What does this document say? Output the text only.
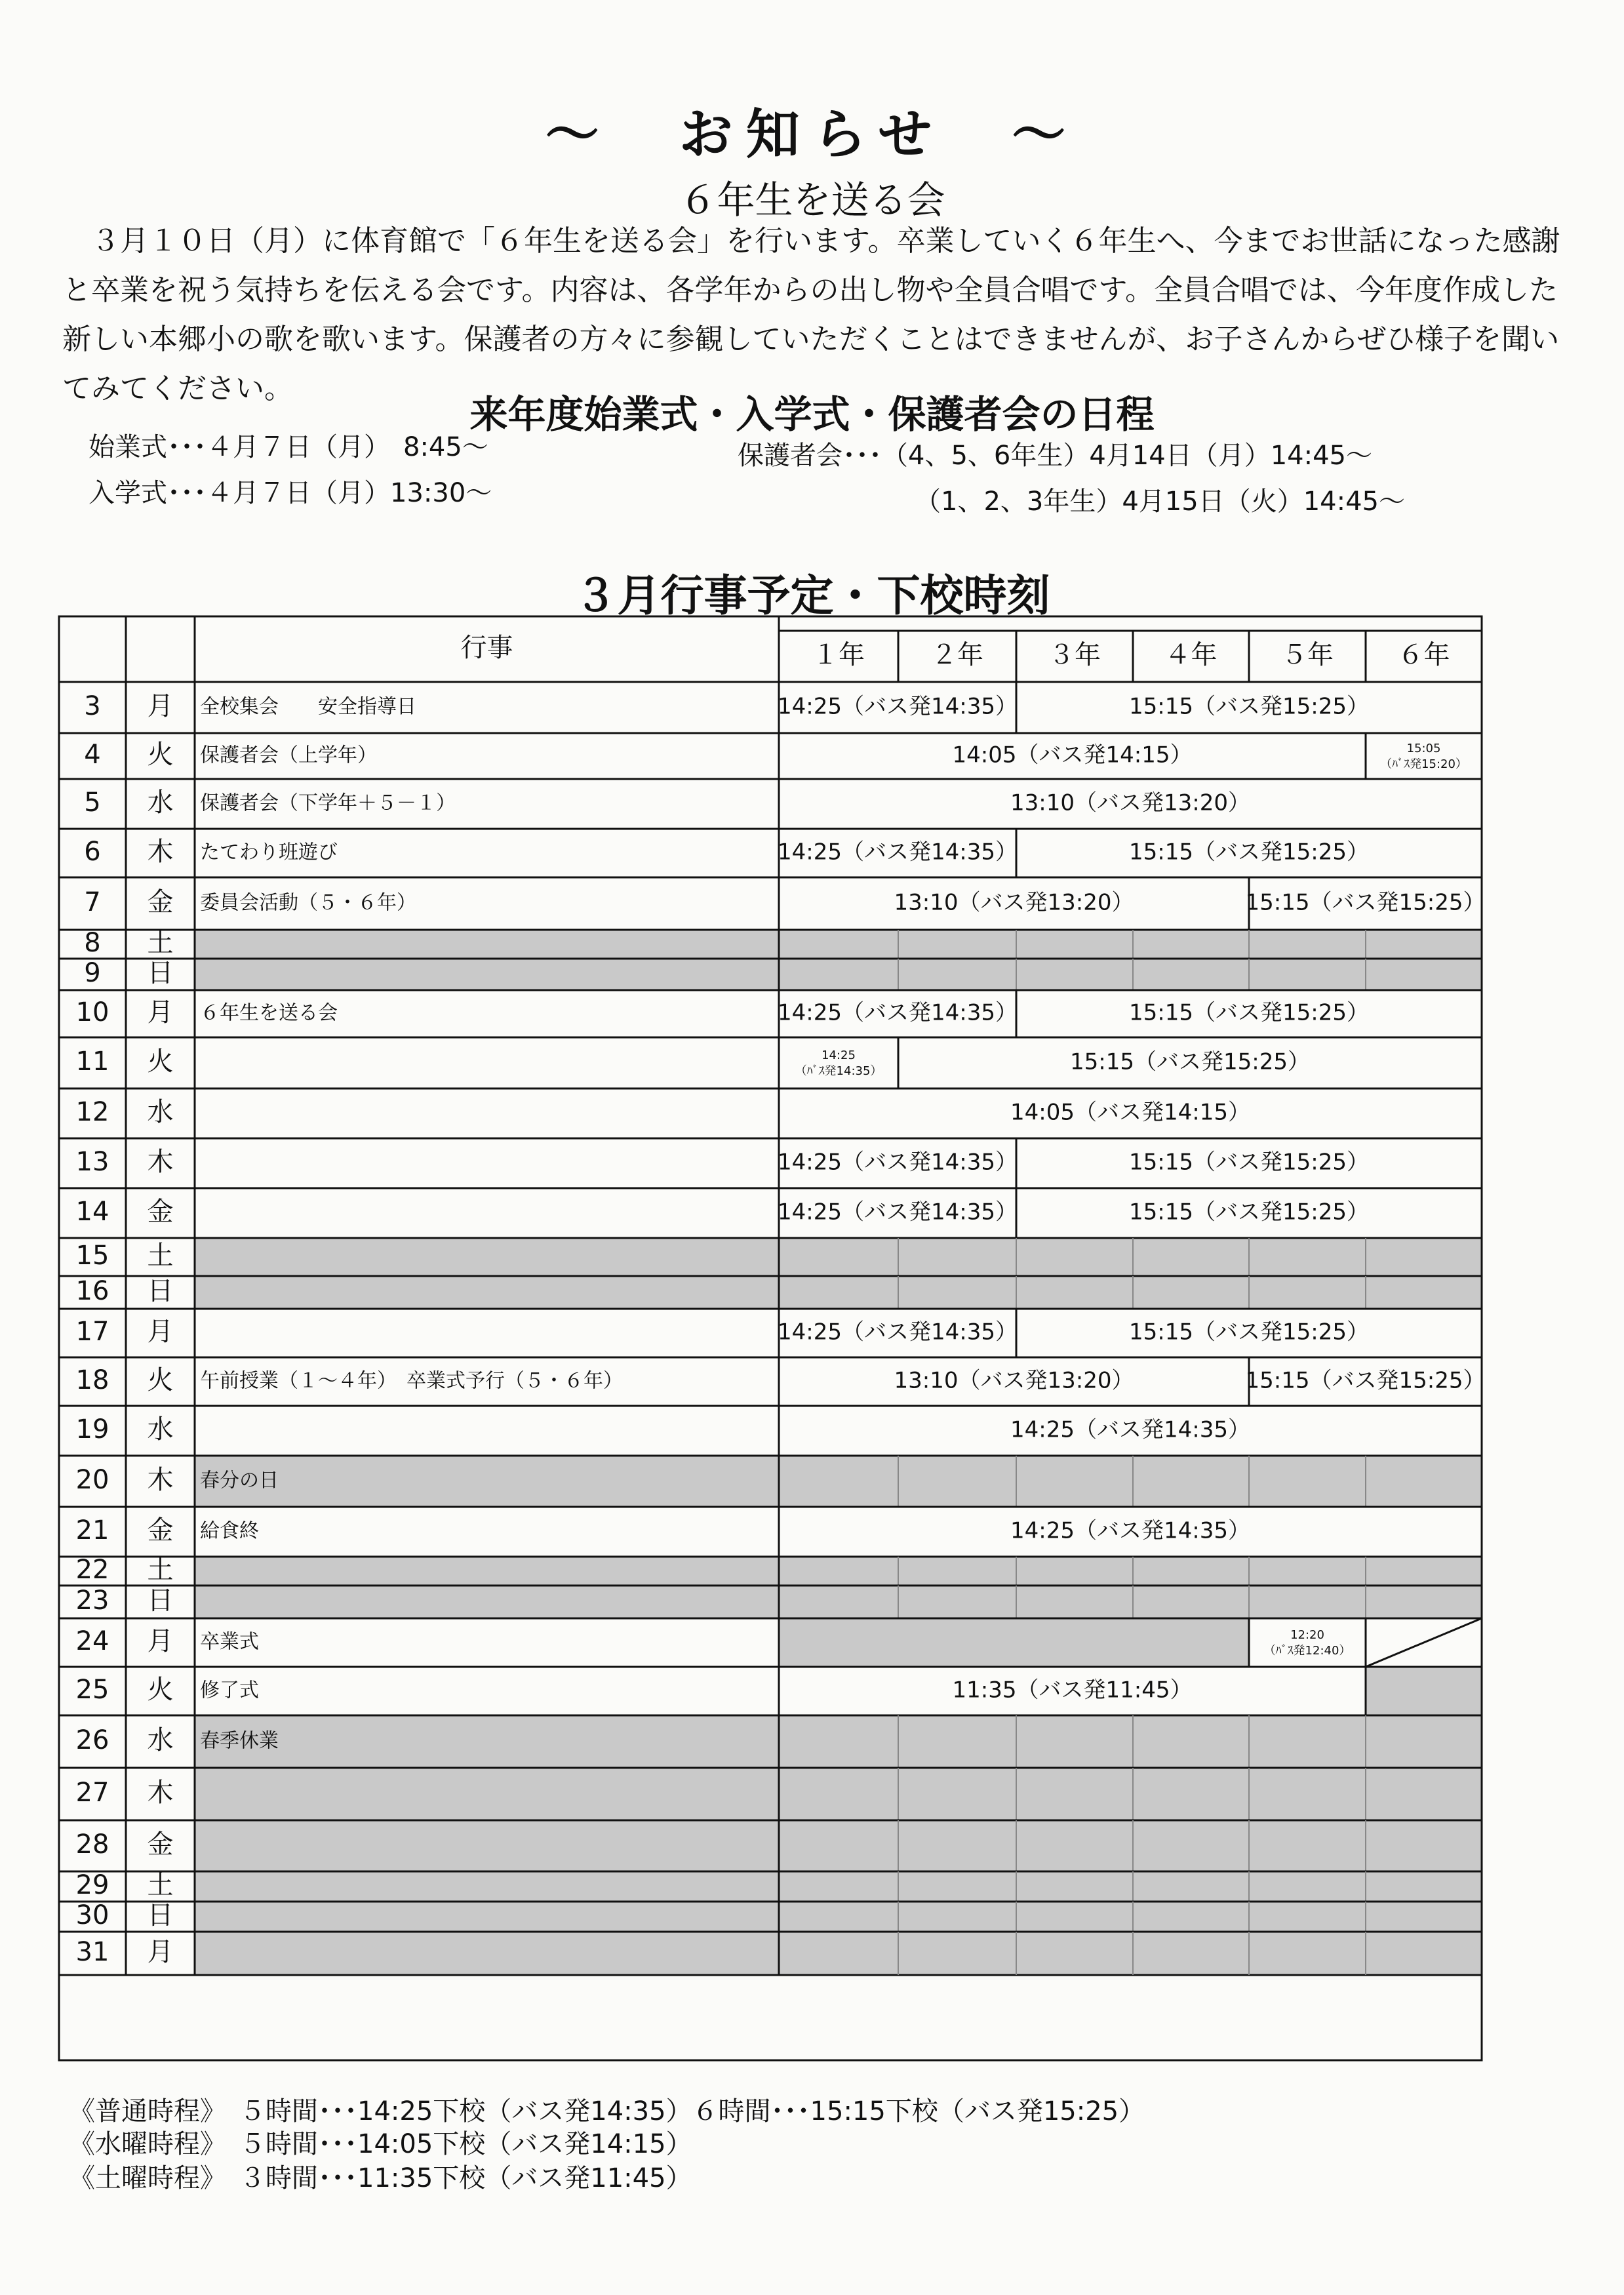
～　お知らせ　～
６年生を送る会
３月１０日（月）に体育館で「６年生を送る会」を行います。卒業していく６年生へ、今までお世話になった感謝と卒業を祝う気持ちを伝える会です。内容は、各学年からの出し物や全員合唱です。全員合唱では、今年度作成した新しい本郷小の歌を歌います。保護者の方々に参観していただくことはできませんが、お子さんからぜひ様子を聞いてみてください。
来年度始業式・入学式・保護者会の日程
始業式･･･４月７日（月）　8:45～
入学式･･･４月７日（月）13:30～
保護者会･･･（4、5、6年生）4月14日（月）14:45～
（1、2、3年生）4月15日（火）14:45～
３月行事予定・下校時刻
行事	１年	２年 ３年 ４年 ５年 ６年
3 月 全校集会　　安全指導日	14:25（バス発14:35）	15:15（バス発15:25）
4 火 保護者会（上学年）	14:05（バス発14:15）	15:05
（ﾊﾞｽ発15:20）
5 水 保護者会（下学年＋５－１）	13:10（バス発13:20）
6 木 たてわり班遊び	14:25（バス発14:35）	15:15（バス発15:25）
7 金 委員会活動（５・６年）	13:10（バス発13:20）	15:15（バス発15:25）
8 土
9 日
10 月 ６年生を送る会	14:25（バス発14:35）	15:15（バス発15:25）
11 火	14:25
（ﾊﾞｽ発14:35）	15:15（バス発15:25）
12 水	14:05（バス発14:15）
13 木	14:25（バス発14:35）	15:15（バス発15:25）
14 金	14:25（バス発14:35）	15:15（バス発15:25）
15 土
16 日
17 月	14:25（バス発14:35）	15:15（バス発15:25）
18 火 午前授業（１～４年）　卒業式予行（５・６年）	13:10（バス発13:20）	15:15（バス発15:25）
19 水	14:25（バス発14:35）
20 木 春分の日
21 金 給食終	14:25（バス発14:35）
22 土
23 日
24 月 卒業式	12:20
（ﾊﾞｽ発12:40）
25 火 修了式	11:35（バス発11:45）
26 水 春季休業
27 木
28 金
29 土
30 日
31 月
《普通時程》　５時間･･･14:25下校（バス発14:35）６時間･･･15:15下校（バス発15:25）
《水曜時程》　５時間･･･14:05下校（バス発14:15）
《土曜時程》　３時間･･･11:35下校（バス発11:45）
